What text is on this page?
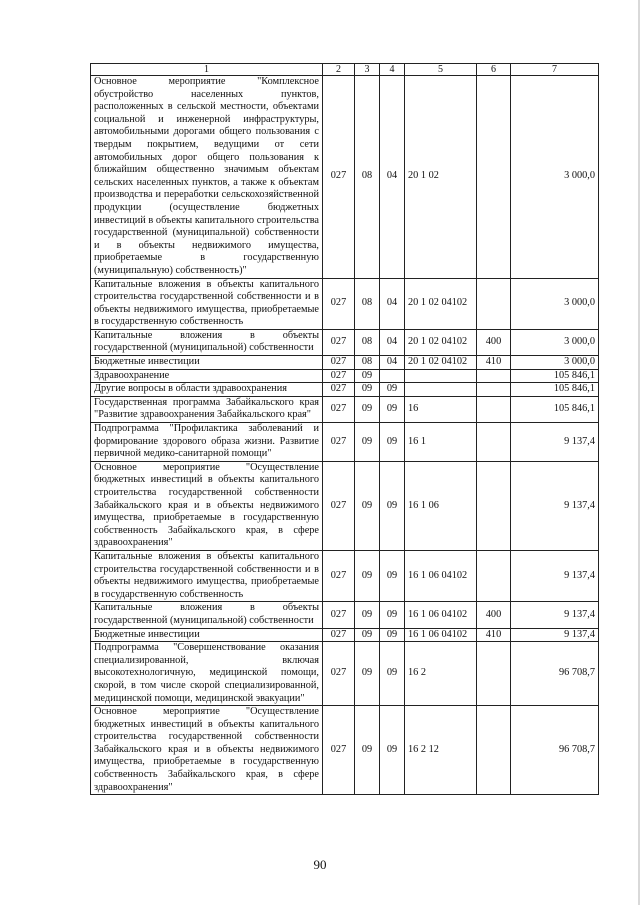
1	2	3	4	5	6	7
Основное мероприятие "Комплексное обустройство населенных пунктов, расположенных в сельской местности, объектами социальной и инженерной инфраструктуры, автомобильными дорогами общего пользования с твердым покрытием, ведущими от сети автомобильных дорог общего пользования к ближайшим общественно значимым объектам сельских населенных пунктов, а также к объектам производства и переработки сельскохозяйственной продукции (осуществление бюджетных инвестиций в объекты капитального строительства государственной (муниципальной) собственности и в объекты недвижимого имущества, приобретаемые в государственную (муниципальную) собственность)"	027	08	04	20 1 02		3 000,0
Капитальные вложения в объекты капитального строительства государственной собственности и в объекты недвижимого имущества, приобретаемые в государственную собственность	027	08	04	20 1 02 04102		3 000,0
Капитальные вложения в объекты государственной (муниципальной) собственности	027	08	04	20 1 02 04102	400	3 000,0
Бюджетные инвестиции	027	08	04	20 1 02 04102	410	3 000,0
Здравоохранение	027	09				105 846,1
Другие вопросы в области здравоохранения	027	09	09			105 846,1
Государственная программа Забайкальского края "Развитие здравоохранения Забайкальского края"	027	09	09	16		105 846,1
Подпрограмма "Профилактика заболеваний и формирование здорового образа жизни. Развитие первичной медико-санитарной помощи"	027	09	09	16 1		9 137,4
Основное мероприятие "Осуществление бюджетных инвестиций в объекты капитального строительства государственной собственности Забайкальского края и в объекты недвижимого имущества, приобретаемые в государственную собственность Забайкальского края, в сфере здравоохранения"	027	09	09	16 1 06		9 137,4
Капитальные вложения в объекты капитального строительства государственной собственности и в объекты недвижимого имущества, приобретаемые в государственную собственность	027	09	09	16 1 06 04102		9 137,4
Капитальные вложения в объекты государственной (муниципальной) собственности	027	09	09	16 1 06 04102	400	9 137,4
Бюджетные инвестиции	027	09	09	16 1 06 04102	410	9 137,4
Подпрограмма "Совершенствование оказания специализированной, включая высокотехнологичную, медицинской помощи, скорой, в том числе скорой специализированной, медицинской помощи, медицинской эвакуации"	027	09	09	16 2		96 708,7
Основное мероприятие "Осуществление бюджетных инвестиций в объекты капитального строительства государственной собственности Забайкальского края и в объекты недвижимого имущества, приобретаемые в государственную собственность Забайкальского края, в сфере здравоохранения"	027	09	09	16 2 12		96 708,7
90
